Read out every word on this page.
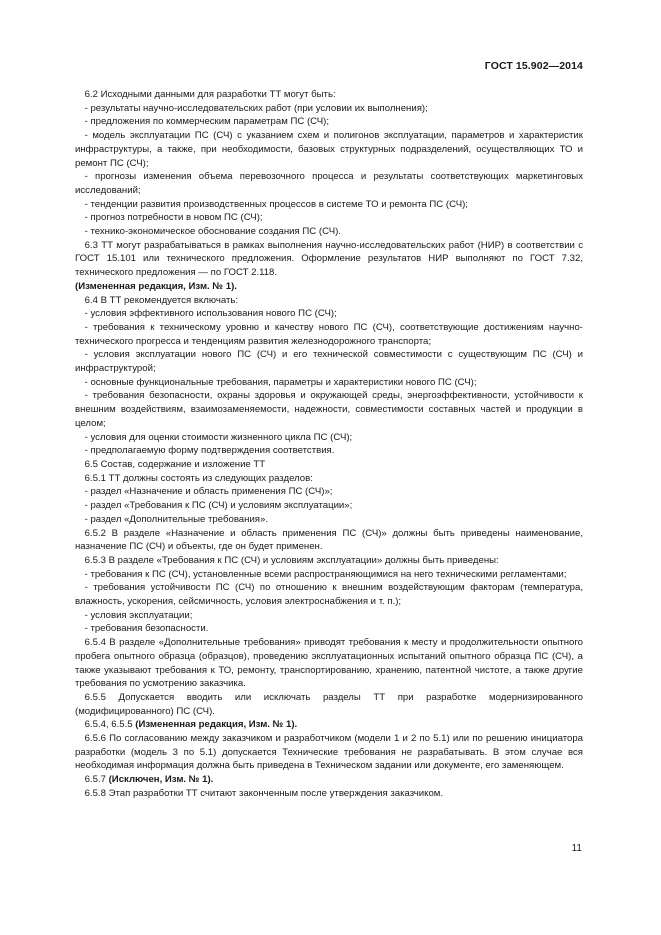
ГОСТ 15.902—2014

6.2 Исходными данными для разработки ТТ могут быть:

- результаты научно-исследовательских работ (при условии их выполнения);

- предложения по коммерческим параметрам ПС (СЧ);

- модель эксплуатации ПС (СЧ) с указанием схем и полигонов эксплуатации, параметров и характеристик инфраструктуры, а также, при необходимости, базовых структурных подразделений, осуществляющих ТО и ремонт ПС (СЧ);

- прогнозы изменения объема перевозочного процесса и результаты соответствующих маркетинговых исследований;

- тенденции развития производственных процессов в системе ТО и ремонта ПС (СЧ);

- прогноз потребности в новом ПС (СЧ);

- технико-экономическое обоснование создания ПС (СЧ).

6.3 ТТ могут разрабатываться в рамках выполнения научно-исследовательских работ (НИР) в соответствии с ГОСТ 15.101 или технического предложения. Оформление результатов НИР выполняют по ГОСТ 7.32, технического предложения — по ГОСТ 2.118.

(Измененная редакция, Изм. № 1).

6.4 В ТТ рекомендуется включать:

- условия эффективного использования нового ПС (СЧ);

- требования к техническому уровню и качеству нового ПС (СЧ), соответствующие достижениям научно-технического прогресса и тенденциям развития железнодорожного транспорта;

- условия эксплуатации нового ПС (СЧ) и его технической совместимости с существующим ПС (СЧ) и инфраструктурой;

- основные функциональные требования, параметры и характеристики нового ПС (СЧ);

- требования безопасности, охраны здоровья и окружающей среды, энергоэффективности, устойчивости к внешним воздействиям, взаимозаменяемости, надежности, совместимости составных частей и продукции в целом;

- условия для оценки стоимости жизненного цикла ПС (СЧ);

- предполагаемую форму подтверждения соответствия.

6.5 Состав, содержание и изложение ТТ

6.5.1 ТТ должны состоять из следующих разделов:

- раздел «Назначение и область применения ПС (СЧ)»;

- раздел «Требования к ПС (СЧ) и условиям эксплуатации»;

- раздел «Дополнительные требования».

6.5.2 В разделе «Назначение и область применения ПС (СЧ)» должны быть приведены наименование, назначение ПС (СЧ) и объекты, где он будет применен.

6.5.3 В разделе «Требования к ПС (СЧ) и условиям эксплуатации» должны быть приведены:

- требования к ПС (СЧ), установленные всеми распространяющимися на него техническими регламентами;

- требования устойчивости ПС (СЧ) по отношению к внешним воздействующим факторам (температура, влажность, ускорения, сейсмичность, условия электроснабжения и т. п.);

- условия эксплуатации;

- требования безопасности.

6.5.4 В разделе «Дополнительные требования» приводят требования к месту и продолжительности опытного пробега опытного образца (образцов), проведению эксплуатационных испытаний опытного образца ПС (СЧ), а также указывают требования к ТО, ремонту, транспортированию, хранению, патентной чистоте, а также другие требования по усмотрению заказчика.

6.5.5 Допускается вводить или исключать разделы ТТ при разработке модернизированного (модифицированного) ПС (СЧ).

6.5.4, 6.5.5 (Измененная редакция, Изм. № 1).

6.5.6 По согласованию между заказчиком и разработчиком (модели 1 и 2 по 5.1) или по решению инициатора разработки (модель 3 по 5.1) допускается Технические требования не разрабатывать. В этом случае вся необходимая информация должна быть приведена в Техническом задании или документе, его заменяющем.

6.5.7 (Исключен, Изм. № 1).

6.5.8 Этап разработки ТТ считают законченным после утверждения заказчиком.

11
